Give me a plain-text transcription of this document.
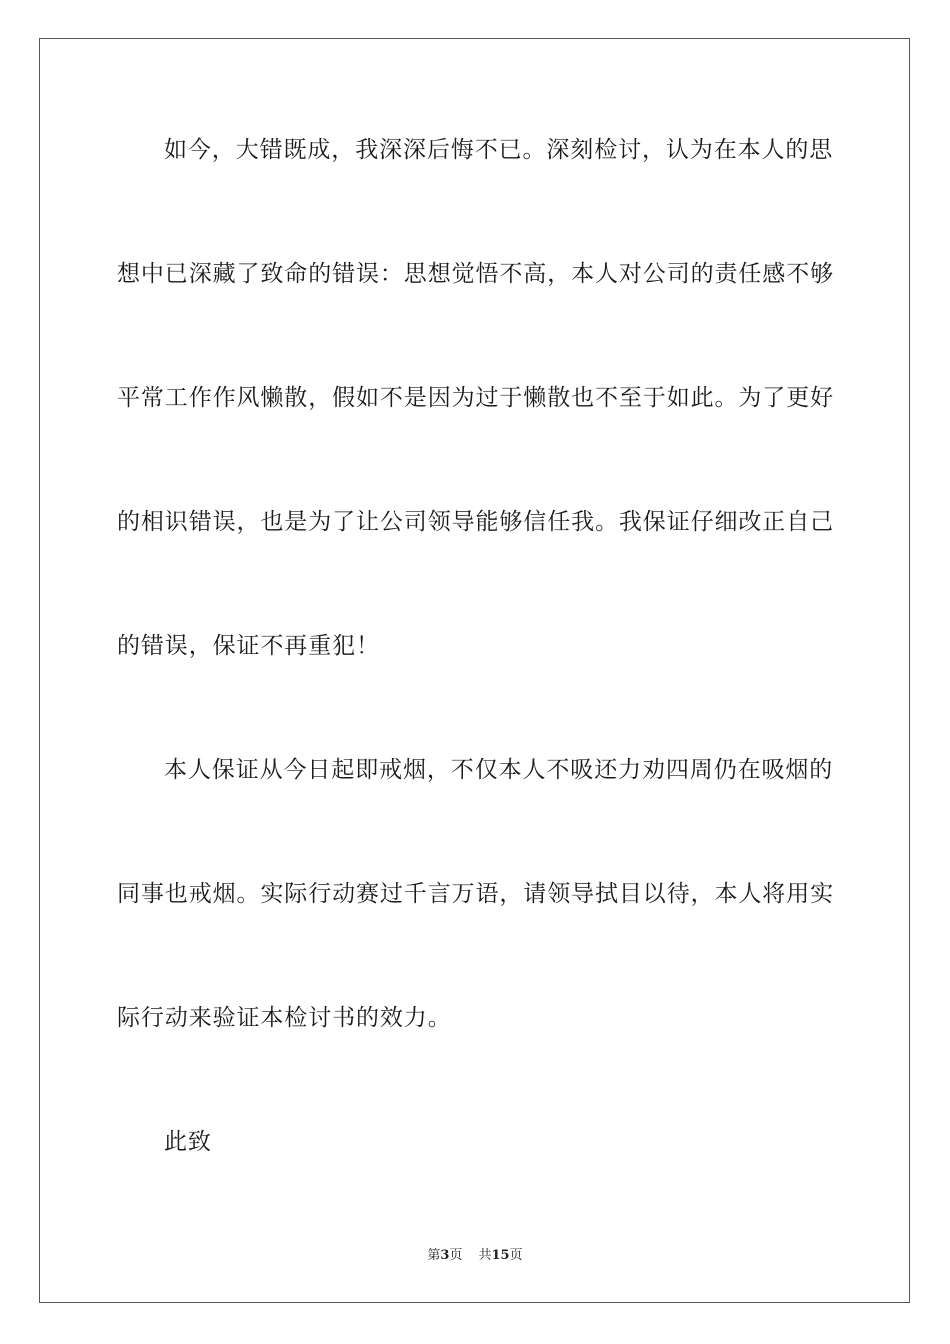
如今，大错既成，我深深后悔不已。深刻检讨，认为在本人的思
想中已深藏了致命的错误：思想觉悟不高，本人对公司的责任感不够
平常工作作风懒散，假如不是因为过于懒散也不至于如此。为了更好
的相识错误，也是为了让公司领导能够信任我。我保证仔细改正自己
的错误，保证不再重犯！
本人保证从今日起即戒烟，不仅本人不吸还力劝四周仍在吸烟的
同事也戒烟。实际行动赛过千言万语，请领导拭目以待，本人将用实
际行动来验证本检讨书的效力。
此致
第3页 共15页
